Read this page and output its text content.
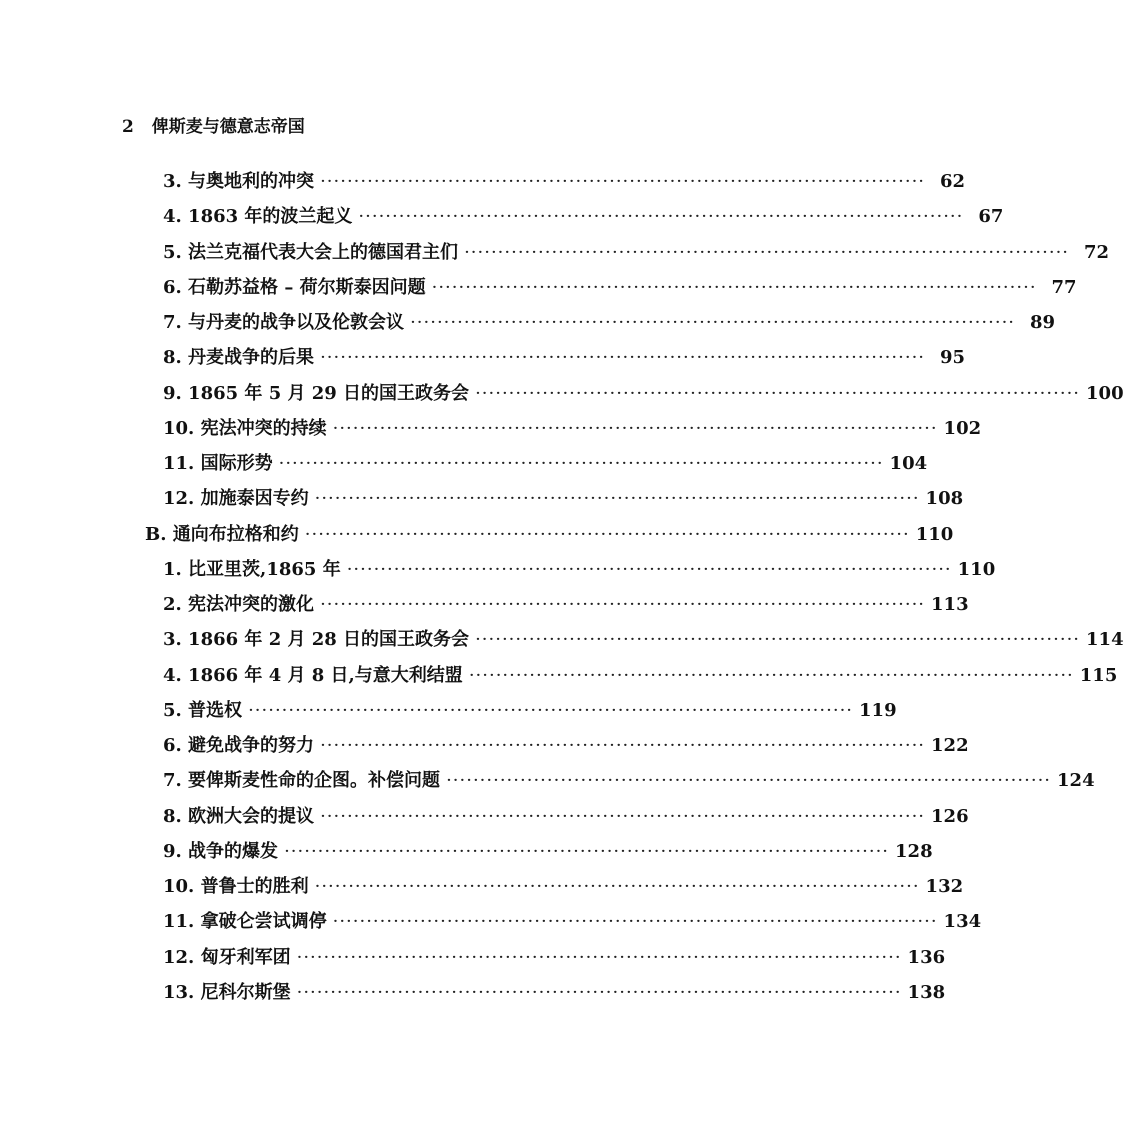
2 俾斯麦与德意志帝国
3. 与奥地利的冲突 ·························································································· 62
4. 1863 年的波兰起义 ·························································································· 67
5. 法兰克福代表大会上的德国君主们 ·························································································· 72
6. 石勒苏益格 – 荷尔斯泰因问题 ·························································································· 77
7. 与丹麦的战争以及伦敦会议 ·························································································· 89
8. 丹麦战争的后果 ·························································································· 95
9. 1865 年 5 月 29 日的国王政务会 ·························································································· 100
10. 宪法冲突的持续 ·························································································· 102
11. 国际形势 ·························································································· 104
12. 加施泰因专约 ·························································································· 108
B. 通向布拉格和约 ·························································································· 110
1. 比亚里茨,1865 年 ·························································································· 110
2. 宪法冲突的激化 ·························································································· 113
3. 1866 年 2 月 28 日的国王政务会 ·························································································· 114
4. 1866 年 4 月 8 日,与意大利结盟 ·························································································· 115
5. 普选权 ·························································································· 119
6. 避免战争的努力 ·························································································· 122
7. 要俾斯麦性命的企图。补偿问题 ·························································································· 124
8. 欧洲大会的提议 ·························································································· 126
9. 战争的爆发 ·························································································· 128
10. 普鲁士的胜利 ·························································································· 132
11. 拿破仑尝试调停 ·························································································· 134
12. 匈牙利军团 ·························································································· 136
13. 尼科尔斯堡 ·························································································· 138
